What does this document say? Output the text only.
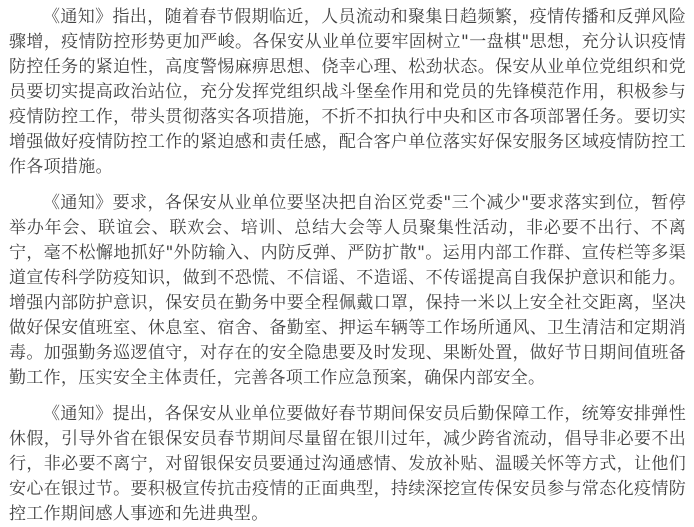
《通知》指出，随着春节假期临近，人员流动和聚集日趋频繁，疫情传播和反弹风险骤增，疫情防控形势更加严峻。各保安从业单位要牢固树立"一盘棋"思想，充分认识疫情防控任务的紧迫性，高度警惕麻痹思想、侥幸心理、松劲状态。保安从业单位党组织和党员要切实提高政治站位，充分发挥党组织战斗堡垒作用和党员的先锋模范作用，积极参与疫情防控工作，带头贯彻落实各项措施，不折不扣执行中央和区市各项部署任务。要切实增强做好疫情防控工作的紧迫感和责任感，配合客户单位落实好保安服务区域疫情防控工作各项措施。

《通知》要求，各保安从业单位要坚决把自治区党委"三个减少"要求落实到位，暂停举办年会、联谊会、联欢会、培训、总结大会等人员聚集性活动，非必要不出行、不离宁，毫不松懈地抓好"外防输入、内防反弹、严防扩散"。运用内部工作群、宣传栏等多渠道宣传科学防疫知识，做到不恐慌、不信谣、不造谣、不传谣提高自我保护意识和能力。增强内部防护意识，保安员在勤务中要全程佩戴口罩，保持一米以上安全社交距离，坚决做好保安值班室、休息室、宿舍、备勤室、押运车辆等工作场所通风、卫生清洁和定期消毒。加强勤务巡逻值守，对存在的安全隐患要及时发现、果断处置，做好节日期间值班备勤工作，压实安全主体责任，完善各项工作应急预案，确保内部安全。

《通知》提出，各保安从业单位要做好春节期间保安员后勤保障工作，统筹安排弹性休假，引导外省在银保安员春节期间尽量留在银川过年，减少跨省流动，倡导非必要不出行，非必要不离宁，对留银保安员要通过沟通感情、发放补贴、温暖关怀等方式，让他们安心在银过节。要积极宣传抗击疫情的正面典型，持续深挖宣传保安员参与常态化疫情防控工作期间感人事迹和先进典型。
